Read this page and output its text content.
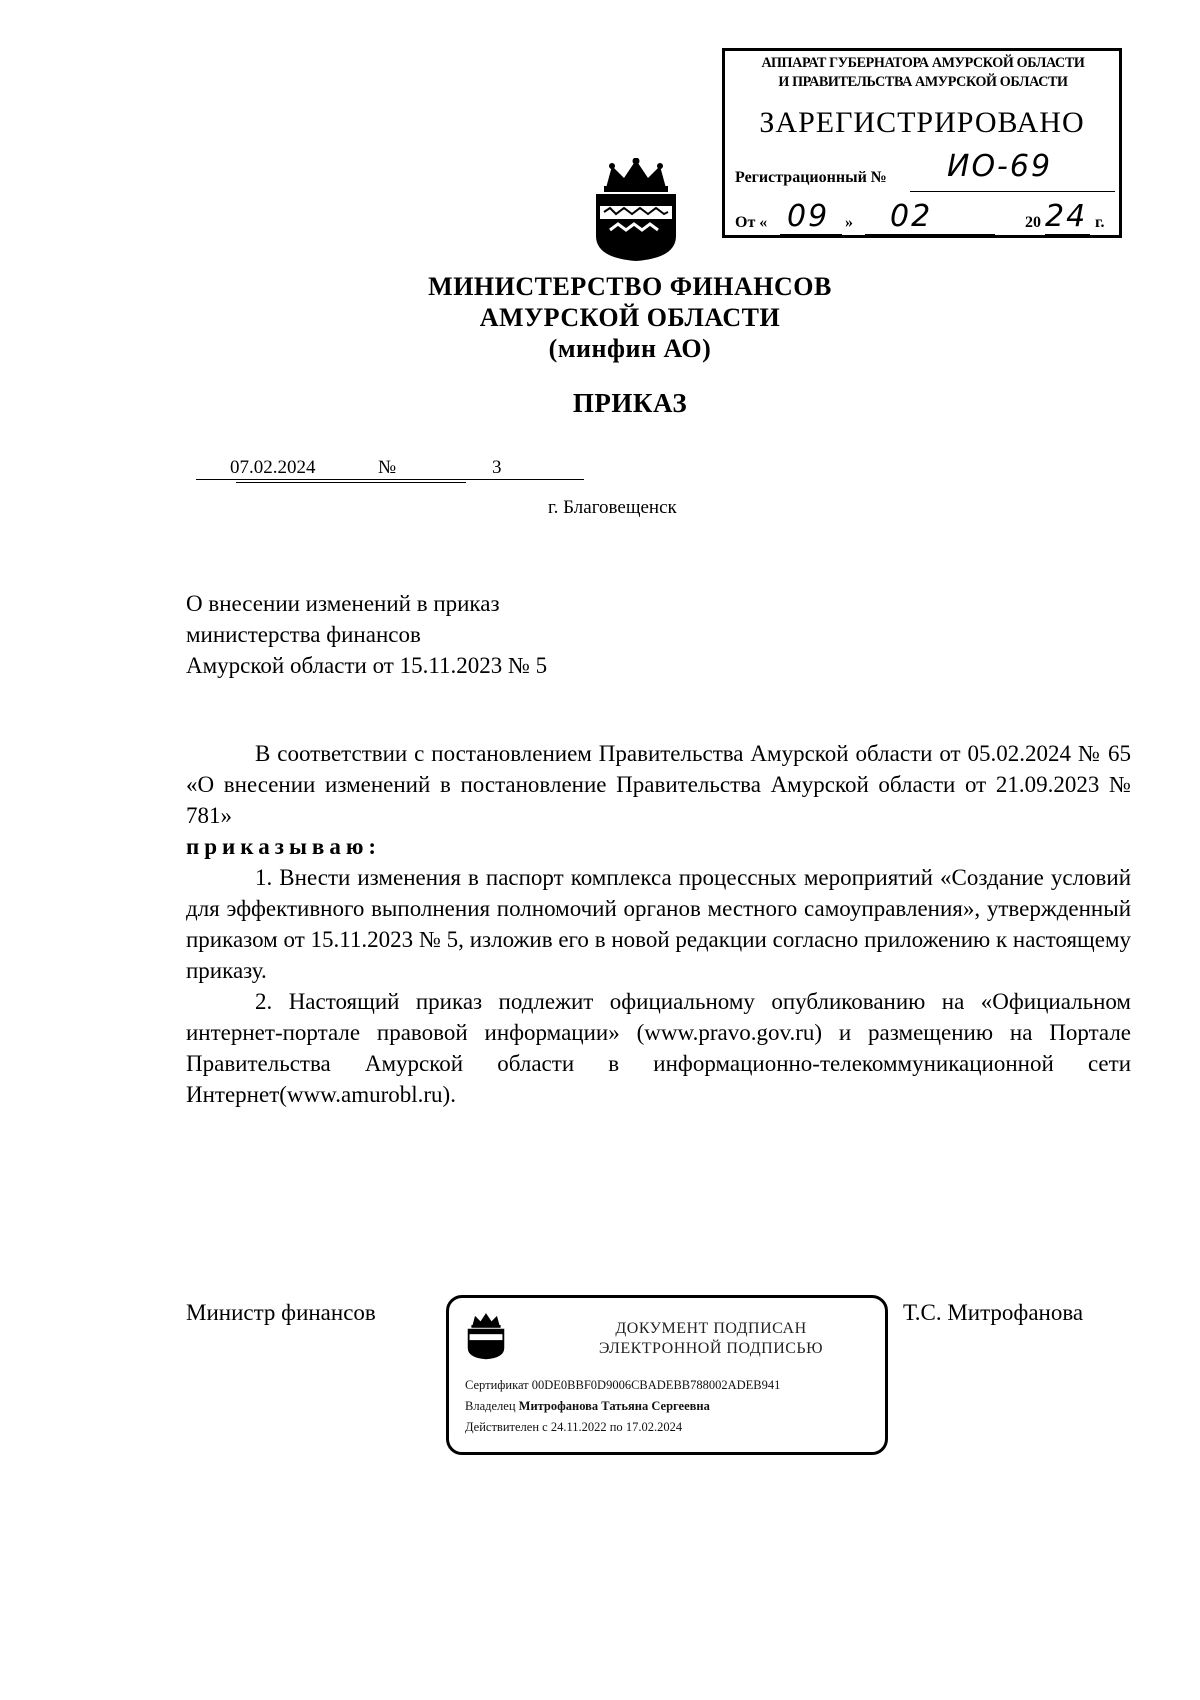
АППАРАТ ГУБЕРНАТОРА АМУРСКОЙ ОБЛАСТИ
И ПРАВИТЕЛЬСТВА АМУРСКОЙ ОБЛАСТИ
ЗАРЕГИСТРИРОВАНО
Регистрационный № ИО-69
От « 09 » 02	20 24 г.
МИНИСТЕРСТВО ФИНАНСОВ
АМУРСКОЙ ОБЛАСТИ
(минфин АО)
ПРИКАЗ
07.02.2024	№	3
г. Благовещенск
О внесении изменений в приказ
министерства финансов
Амурской области от 15.11.2023 № 5

В соответствии с постановлением Правительства Амурской области от 05.02.2024 № 65 «О внесении изменений в постановление Правительства Амурской области от 21.09.2023 № 781»

приказываю:

1. Внести изменения в паспорт комплекса процессных мероприятий «Создание условий для эффективного выполнения полномочий органов местного самоуправления», утвержденный приказом от 15.11.2023 № 5, изложив его в новой редакции согласно приложению к настоящему приказу.

2. Настоящий приказ подлежит официальному опубликованию на «Официальном интернет-портале правовой информации» (www.pravo.gov.ru) и размещению на Портале Правительства Амурской области в информационно-телекоммуникационной сети Интернет(www.amurobl.ru).

Министр финансов
ДОКУМЕНТ ПОДПИСАН
ЭЛЕКТРОННОЙ ПОДПИСЬЮ
Сертификат 00DE0BBF0D9006CBADEBB788002ADEB941
Владелец Митрофанова Татьяна Сергеевна
Действителен с 24.11.2022 по 17.02.2024
Т.С. Митрофанова
